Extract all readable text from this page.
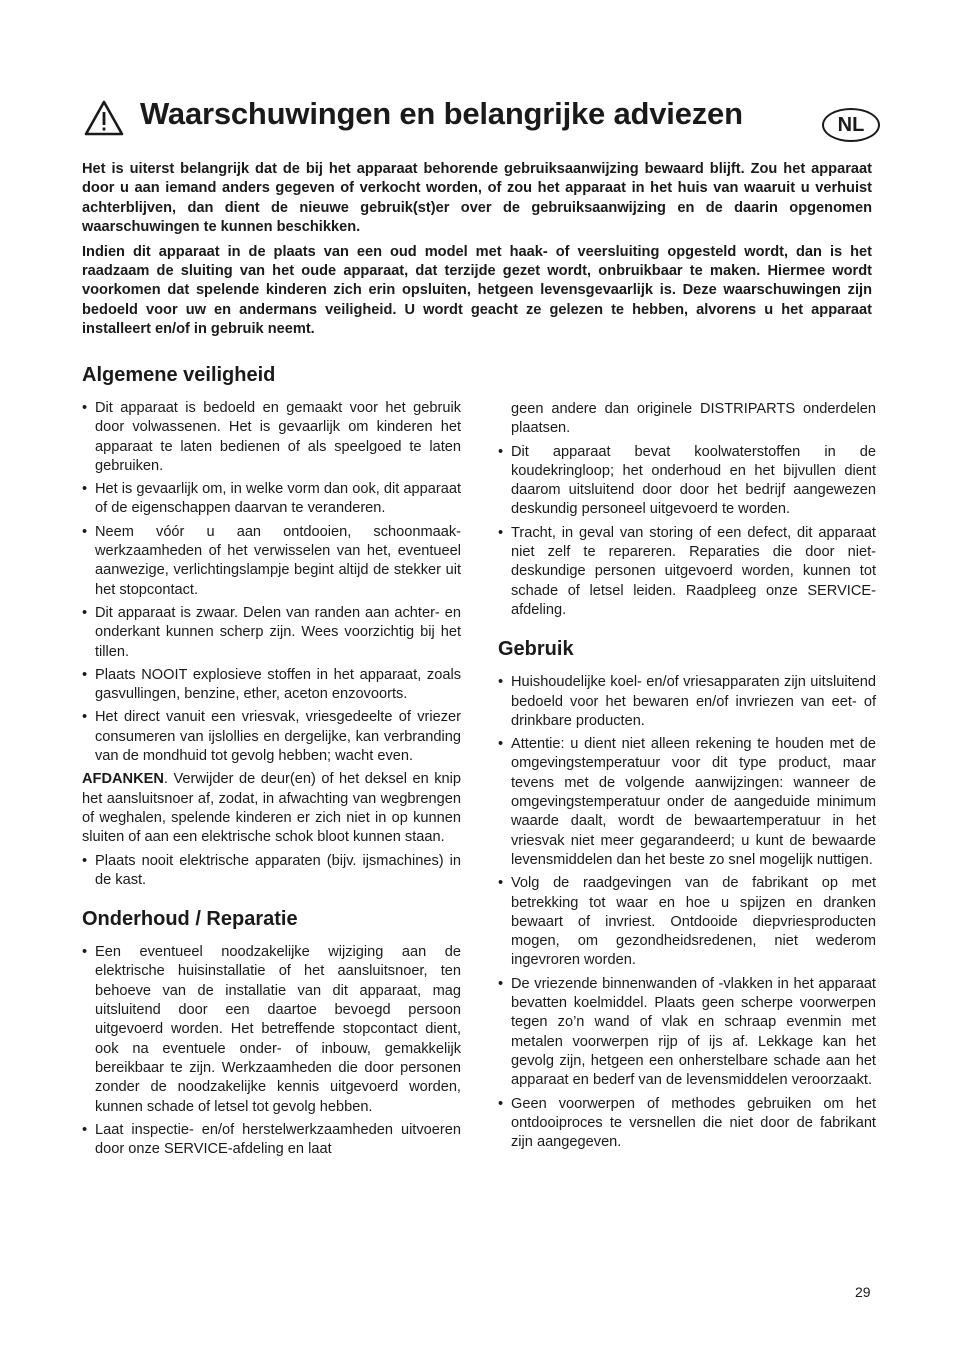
Waarschuwingen en belangrijke adviezen	NL

Het is uiterst belangrijk dat de bij het apparaat behorende gebruiksaanwijzing bewaard blijft. Zou het apparaat door u aan iemand anders gegeven of verkocht worden, of zou het apparaat in het huis van waaruit u verhuist achterblijven, dan dient de nieuwe gebruik(st)er over de gebruiksaanwijzing en de daarin opgenomen waarschuwingen te kunnen beschikken.

Indien dit apparaat in de plaats van een oud model met haak- of veersluiting opgesteld wordt, dan is het raadzaam de sluiting van het oude apparaat, dat terzijde gezet wordt, onbruikbaar te maken. Hiermee wordt voorkomen dat spelende kinderen zich erin opsluiten, hetgeen levensgevaarlijk is. Deze waarschuwingen zijn bedoeld voor uw en andermans veiligheid. U wordt geacht ze gelezen te hebben, alvorens u het apparaat installeert en/of in gebruik neemt.

Algemene veiligheid
• Dit apparaat is bedoeld en gemaakt voor het gebruik door volwassenen. Het is gevaarlijk om kinderen het apparaat te laten bedienen of als speelgoed te laten gebruiken.
• Het is gevaarlijk om, in welke vorm dan ook, dit apparaat of de eigenschappen daarvan te veranderen.
• Neem vóór u aan ontdooien, schoonmaak-werkzaamheden of het verwisselen van het, eventueel aanwezige, verlichtingslampje begint altijd de stekker uit het stopcontact.
• Dit apparaat is zwaar. Delen van randen aan achter- en onderkant kunnen scherp zijn. Wees voorzichtig bij het tillen.
• Plaats NOOIT explosieve stoffen in het apparaat, zoals gasvullingen, benzine, ether, aceton enzovoorts.
• Het direct vanuit een vriesvak, vriesgedeelte of vriezer consumeren van ijslollies en dergelijke, kan verbranding van de mondhuid tot gevolg hebben; wacht even.

AFDANKEN. Verwijder de deur(en) of het deksel en knip het aansluitsnoer af, zodat, in afwachting van wegbrengen of weghalen, spelende kinderen er zich niet in op kunnen sluiten of aan een elektrische schok bloot kunnen staan.

• Plaats nooit elektrische apparaten (bijv. ijsmachines) in de kast.
Onderhoud / Reparatie
• Een eventueel noodzakelijke wijziging aan de elektrische huisinstallatie of het aansluitsnoer, ten behoeve van de installatie van dit apparaat, mag uitsluitend door een daartoe bevoegd persoon uitgevoerd worden. Het betreffende stopcontact dient, ook na eventuele onder- of inbouw, gemakkelijk bereikbaar te zijn. Werkzaamheden die door personen zonder de noodzakelijke kennis uitgevoerd worden, kunnen schade of letsel tot gevolg hebben.
• Laat inspectie- en/of herstelwerkzaamheden uitvoeren door onze SERVICE-afdeling en laat

geen andere dan originele DISTRIPARTS onderdelen plaatsen.

• Dit apparaat bevat koolwaterstoffen in de koudekringloop; het onderhoud en het bijvullen dient daarom uitsluitend door door het bedrijf aangewezen deskundig personeel uitgevoerd te worden.
• Tracht, in geval van storing of een defect, dit apparaat niet zelf te repareren. Reparaties die door niet-deskundige personen uitgevoerd worden, kunnen tot schade of letsel leiden. Raadpleeg onze SERVICE-afdeling.
Gebruik
• Huishoudelijke koel- en/of vriesapparaten zijn uitsluitend bedoeld voor het bewaren en/of invriezen van eet- of drinkbare producten.
• Attentie: u dient niet alleen rekening te houden met de omgevingstemperatuur voor dit type product, maar tevens met de volgende aanwijzingen: wanneer de omgevingstemperatuur onder de aangeduide minimum waarde daalt, wordt de bewaartemperatuur in het vriesvak niet meer gegarandeerd; u kunt de bewaarde levensmiddelen dan het beste zo snel mogelijk nuttigen.
• Volg de raadgevingen van de fabrikant op met betrekking tot waar en hoe u spijzen en dranken bewaart of invriest. Ontdooide diepvriesproducten mogen, om gezondheidsredenen, niet wederom ingevroren worden.
• De vriezende binnenwanden of -vlakken in het apparaat bevatten koelmiddel. Plaats geen scherpe voorwerpen tegen zo’n wand of vlak en schraap evenmin met metalen voorwerpen rijp of ijs af. Lekkage kan het gevolg zijn, hetgeen een onherstelbare schade aan het apparaat en bederf van de levensmiddelen veroorzaakt.
• Geen voorwerpen of methodes gebruiken om het ontdooiproces te versnellen die niet door de fabrikant zijn aangegeven.
29
